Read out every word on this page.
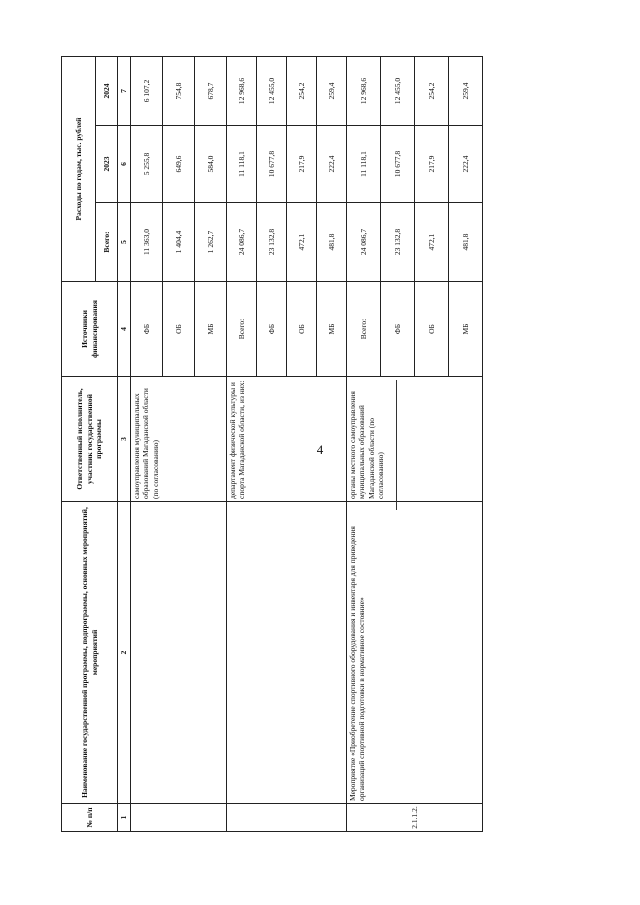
4
№ п/п	Наименование государственной программы, подпрограммы, основных мероприятий, мероприятий	Ответственный исполнитель, участник государственной программы	Источники финансирования	Расходы по годам, тыс. рублей		
				Всего:	2023	2024
1	2	3	4	5	6	7
		самоуправления муниципальных образований Магаданской области (по согласованию)	ФБ	11 363,0	5 255,8	6 107,2
			ОБ	1 404,4	649,6	754,8
			МБ	1 262,7	584,0	678,7
		департамент физической культуры и спорта Магаданской области, из них:	Всего:	24 086,7	11 118,1	12 968,6
			ФБ	23 132,8	10 677,8	12 455,0
			ОБ	472,1	217,9	254,2
			МБ	481,8	222,4	259,4
2.1.1.2.	Мероприятие «Приобретение спортивного оборудования и инвентаря для приведения организаций спортивной подготовки в нормативное состояние»	органы местного самоуправления муниципальных образований Магаданской области (по согласованию)	Всего:	24 086,7	11 118,1	12 968,6
			ФБ	23 132,8	10 677,8	12 455,0
			ОБ	472,1	217,9	254,2
			МБ	481,8	222,4	259,4
